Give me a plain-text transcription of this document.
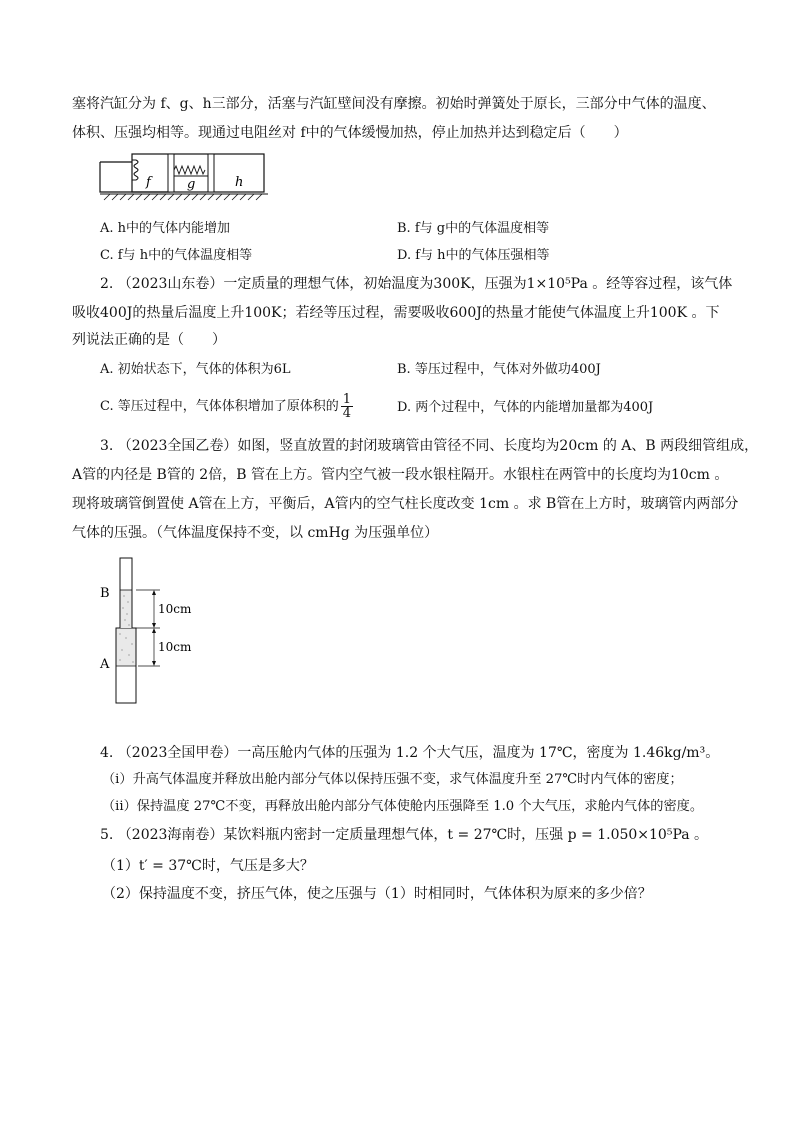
塞将汽缸分为 f、g、h三部分，活塞与汽缸壁间没有摩擦。初始时弹簧处于原长，三部分中气体的温度、
体积、压强均相等。现通过电阻丝对 f中的气体缓慢加热，停止加热并达到稳定后（　　）
f	g	h
A. h中的气体内能增加	B. f与 g中的气体温度相等
C. f与 h中的气体温度相等	D. f与 h中的气体压强相等
2. （2023山东卷）一定质量的理想气体，初始温度为300K，压强为1×10⁵Pa 。经等容过程，该气体
吸收400J的热量后温度上升100K；若经等压过程，需要吸收600J的热量才能使气体温度上升100K 。下
列说法正确的是（　　）
A. 初始状态下，气体的体积为6L	B. 等压过程中，气体对外做功400J
C. 等压过程中，气体体积增加了原体积的 $\frac{1}{4}$	D. 两个过程中，气体的内能增加量都为400J
3. （2023全国乙卷）如图，竖直放置的封闭玻璃管由管径不同、长度均为20cm 的 A、B 两段细管组成，
A管的内径是 B管的 2倍，B 管在上方。管内空气被一段水银柱隔开。水银柱在两管中的长度均为10cm 。
现将玻璃管倒置使 A管在上方，平衡后，A管内的空气柱长度改变 1cm 。求 B管在上方时，玻璃管内两部分
气体的压强。（气体温度保持不变，以 cmHg 为压强单位）
B
A
10cm
10cm
4. （2023全国甲卷）一高压舱内气体的压强为 1.2 个大气压，温度为 17℃，密度为 1.46kg/m³。
（i）升高气体温度并释放出舱内部分气体以保持压强不变，求气体温度升至 27℃时内气体的密度；
（ii）保持温度 27℃不变，再释放出舱内部分气体使舱内压强降至 1.0 个大气压，求舱内气体的密度。
5. （2023海南卷）某饮料瓶内密封一定质量理想气体，t = 27℃时，压强 p = 1.050×10⁵Pa 。
（1）t′ = 37℃时，气压是多大？
（2）保持温度不变，挤压气体，使之压强与（1）时相同时，气体体积为原来的多少倍？
